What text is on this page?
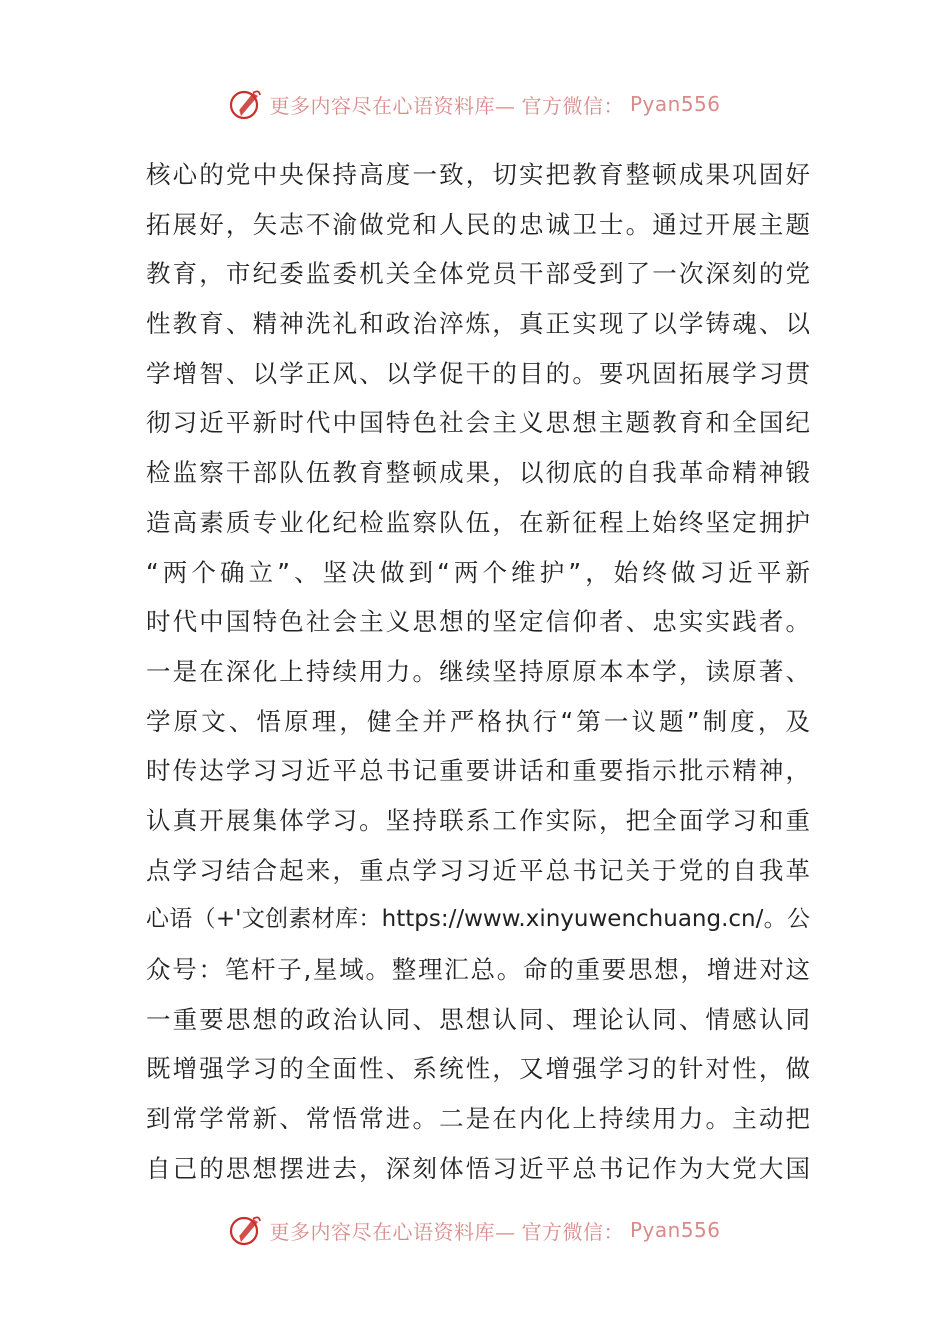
更多内容尽在心语资料库— 官方微信： Pyan556
核心的党中央保持高度一致，切实把教育整顿成果巩固好
拓展好，矢志不渝做党和人民的忠诚卫士。通过开展主题
教育，市纪委监委机关全体党员干部受到了一次深刻的党
性教育、精神洗礼和政治淬炼，真正实现了以学铸魂、以
学增智、以学正风、以学促干的目的。要巩固拓展学习贯
彻习近平新时代中国特色社会主义思想主题教育和全国纪
检监察干部队伍教育整顿成果，以彻底的自我革命精神锻
造高素质专业化纪检监察队伍，在新征程上始终坚定拥护
“两个确立”、坚决做到“两个维护”，始终做习近平新
时代中国特色社会主义思想的坚定信仰者、忠实实践者。
一是在深化上持续用力。继续坚持原原本本学，读原著、
学原文、悟原理，健全并严格执行“第一议题”制度，及
时传达学习习近平总书记重要讲话和重要指示批示精神，
认真开展集体学习。坚持联系工作实际，把全面学习和重
点学习结合起来，重点学习习近平总书记关于党的自我革
心语（+'文创素材库：https://www.xinyuwenchuang.cn/。公
众号：笔杆子,星域。整理汇总。命的重要思想，增进对这
一重要思想的政治认同、思想认同、理论认同、情感认同
既增强学习的全面性、系统性，又增强学习的针对性，做
到常学常新、常悟常进。二是在内化上持续用力。主动把
自己的思想摆进去，深刻体悟习近平总书记作为大党大国
更多内容尽在心语资料库— 官方微信： Pyan556
